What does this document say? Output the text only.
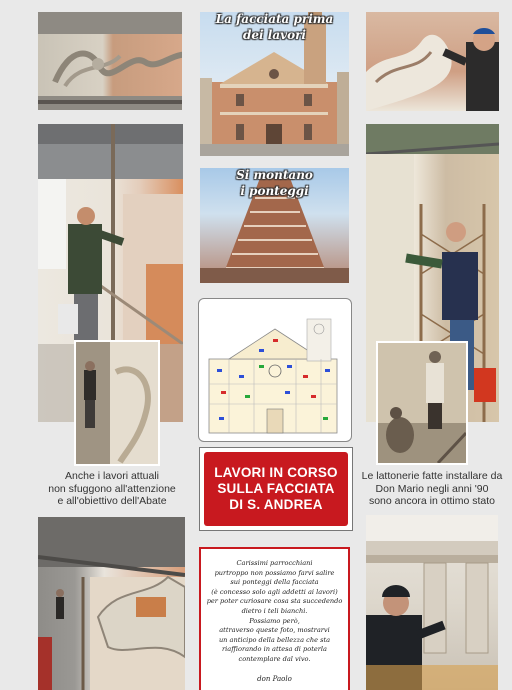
La facciata prima
dei lavori
Si montano
i ponteggi
Anche i lavori attuali
non sfuggono all'attenzione
e all'obiettivo dell'Abate
Le lattonerie fatte installare da
Don Mario negli anni '90
sono ancora in ottimo stato
LAVORI IN CORSO
SULLA FACCIATA
DI S. ANDREA
Carissimi parrocchiani
purtroppo non possiamo farvi salire
sui ponteggi della facciata
(è concesso solo agli addetti ai lavori)
per poter curiosare cosa sta succedendo
dietro i teli bianchi.
Possiamo però,
attraverso queste foto, mostrarvi
un anticipo della bellezza che sta
riaffiorando in attesa di poterla
contemplare dal vivo.
don Paolo
